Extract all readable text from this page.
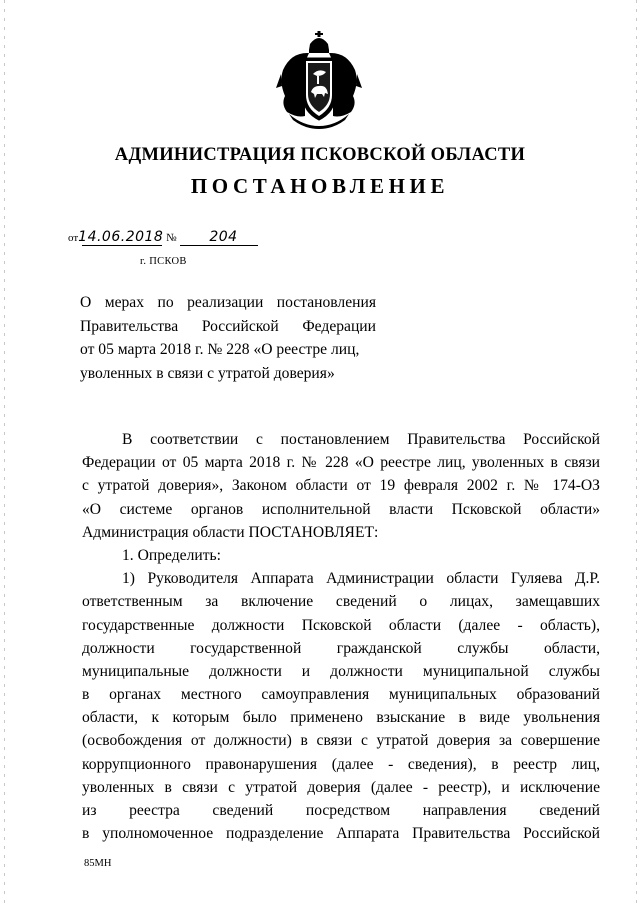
АДМИНИСТРАЦИЯ ПСКОВСКОЙ ОБЛАСТИ
ПОСТАНОВЛЕНИЕ
от14.06.2018 № 204
г. ПСКОВ
О мерах по реализации постановления
Правительства Российской Федерации
от 05 марта 2018 г. № 228 «О реестре лиц,
уволенных в связи с утратой доверия»
В соответствии с постановлением Правительства Российской
Федерации от 05 марта 2018 г. № 228 «О реестре лиц, уволенных в связи
с утратой доверия», Законом области от 19 февраля 2002 г. № 174-ОЗ
«О системе органов исполнительной власти Псковской области»
Администрация области ПОСТАНОВЛЯЕТ:
1. Определить:
1) Руководителя Аппарата Администрации области Гуляева Д.Р.
ответственным за включение сведений о лицах, замещавших
государственные должности Псковской области (далее - область),
должности государственной гражданской службы области,
муниципальные должности и должности муниципальной службы
в органах местного самоуправления муниципальных образований
области, к которым было применено взыскание в виде увольнения
(освобождения от должности) в связи с утратой доверия за совершение
коррупционного правонарушения (далее - сведения), в реестр лиц,
уволенных в связи с утратой доверия (далее - реестр), и исключение
из реестра сведений посредством направления сведений
в уполномоченное подразделение Аппарата Правительства Российской
85МН
